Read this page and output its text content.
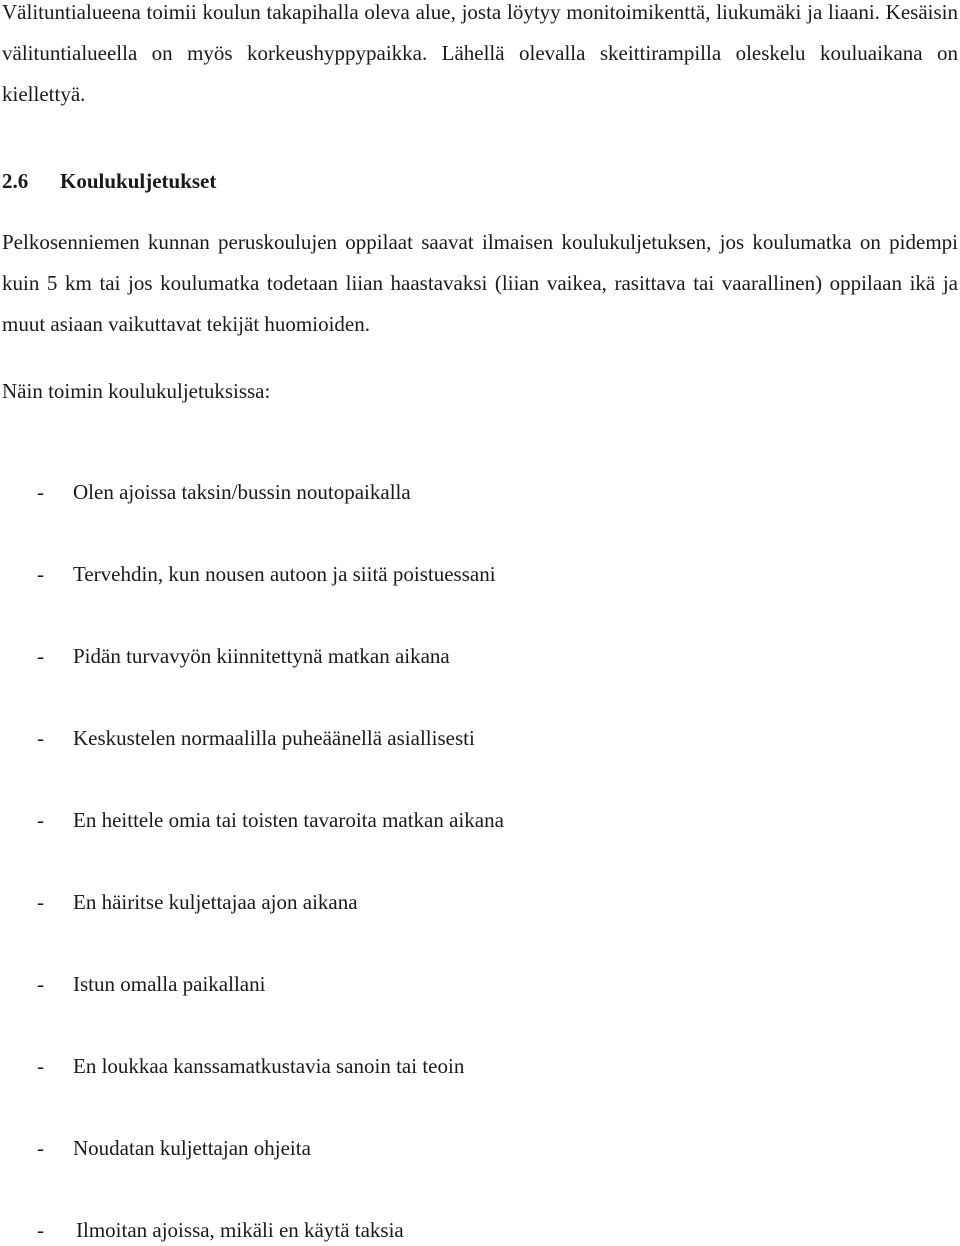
Välituntialueena toimii koulun takapihalla oleva alue, josta löytyy monitoimikenttä, liukumäki ja liaani. Kesäisin välituntialueella on myös korkeushyppypaikka. Lähellä olevalla skeittirampilla oleskelu kouluaikana on kiellettyä.

2.6 Koulukuljetukset

Pelkosenniemen kunnan peruskoulujen oppilaat saavat ilmaisen koulukuljetuksen, jos koulumatka on pidempi kuin 5 km tai jos koulumatka todetaan liian haastavaksi (liian vaikea, rasittava tai vaarallinen) oppilaan ikä ja muut asiaan vaikuttavat tekijät huomioiden.

Näin toimin koulukuljetuksissa:

- Olen ajoissa taksin/bussin noutopaikalla
- Tervehdin, kun nousen autoon ja siitä poistuessani
- Pidän turvavyön kiinnitettynä matkan aikana
- Keskustelen normaalilla puheäänellä asiallisesti
- En heittele omia tai toisten tavaroita matkan aikana
- En häiritse kuljettajaa ajon aikana
- Istun omalla paikallani
- En loukkaa kanssamatkustavia sanoin tai teoin
- Noudatan kuljettajan ohjeita
- Ilmoitan ajoissa, mikäli en käytä taksia
